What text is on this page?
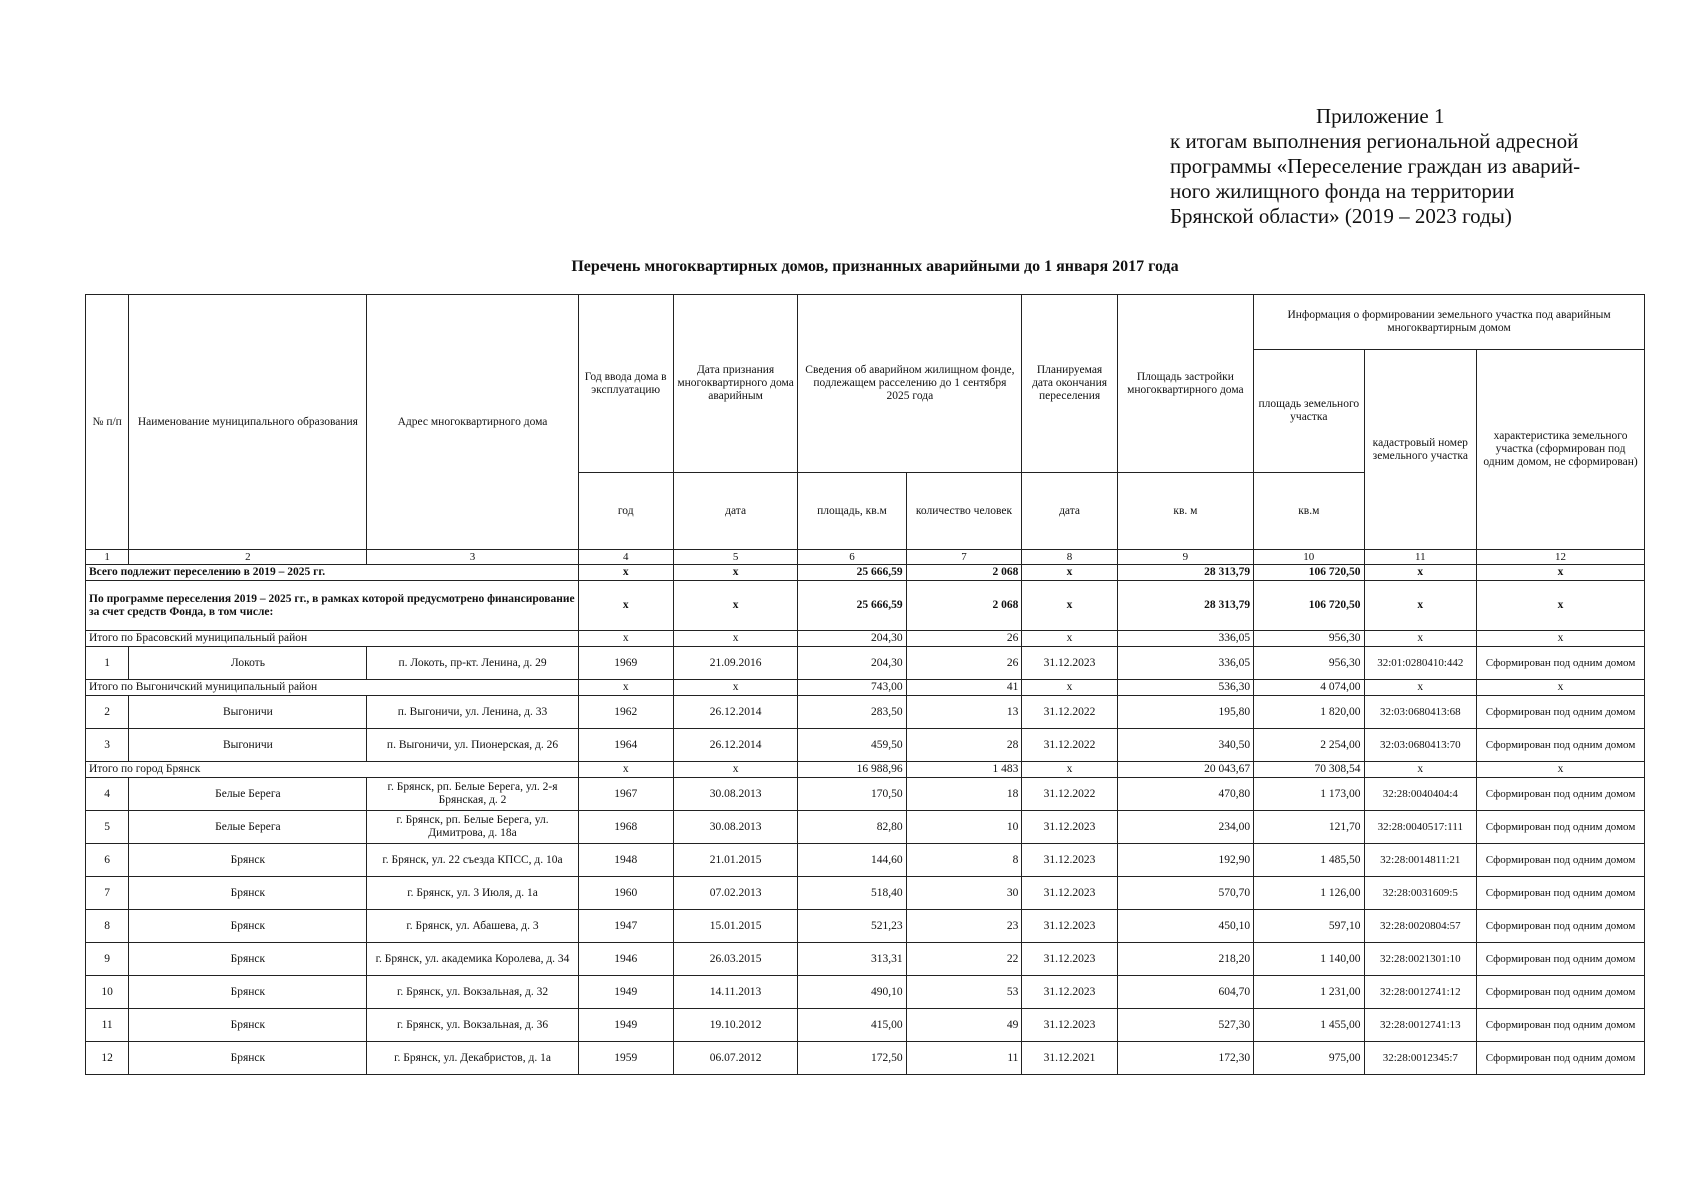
Приложение 1
к итогам выполнения региональной адресной
программы «Переселение граждан из аварий-
ного жилищного фонда на территории
Брянской области» (2019 – 2023 годы)
Перечень многоквартирных домов, признанных аварийными до 1 января 2017 года
№ п/п	Наименование муниципального образования	Адрес многоквартирного дома	Год ввода дома в эксплуатацию	Дата признания многоквартирного дома аварийным	Сведения об аварийном жилищном фонде, подлежащем расселению до 1 сентября 2025 года		Планируемая дата окончания переселения	Площадь застройки многоквартирного дома	Информация о формировании земельного участка под аварийным многоквартирным домом		
									площадь земельного участка	кадастровый номер земельного участка	характеристика земельного участка (сформирован под одним домом, не сформирован)
			год	дата	площадь, кв.м	количество человек	дата	кв. м	кв.м		
1	2	3	4	5	6	7	8	9	10	11	12
Всего подлежит переселению в 2019 – 2025 гг.			х	х	25 666,59	2 068	х	28 313,79	106 720,50	х	х
По программе переселения 2019 – 2025 гг., в рамках которой предусмотрено финансирование за счет средств Фонда, в том числе:			х	х	25 666,59	2 068	х	28 313,79	106 720,50	х	х
Итого по Брасовский муниципальный район			х	х	204,30	26	х	336,05	956,30	х	х
1	Локоть	п. Локоть, пр-кт. Ленина, д. 29	1969	21.09.2016	204,30	26	31.12.2023	336,05	956,30	32:01:0280410:442	Сформирован под одним домом
Итого по Выгоничский муниципальный район			х	х	743,00	41	х	536,30	4 074,00	х	х
2	Выгоничи	п. Выгоничи, ул. Ленина, д. 33	1962	26.12.2014	283,50	13	31.12.2022	195,80	1 820,00	32:03:0680413:68	Сформирован под одним домом
3	Выгоничи	п. Выгоничи, ул. Пионерская, д. 26	1964	26.12.2014	459,50	28	31.12.2022	340,50	2 254,00	32:03:0680413:70	Сформирован под одним домом
Итого по город Брянск			х	х	16 988,96	1 483	х	20 043,67	70 308,54	х	х
4	Белые Берега	г. Брянск, рп. Белые Берега, ул. 2-я Брянская, д. 2	1967	30.08.2013	170,50	18	31.12.2022	470,80	1 173,00	32:28:0040404:4	Сформирован под одним домом
5	Белые Берега	г. Брянск, рп. Белые Берега, ул. Димитрова, д. 18а	1968	30.08.2013	82,80	10	31.12.2023	234,00	121,70	32:28:0040517:111	Сформирован под одним домом
6	Брянск	г. Брянск, ул. 22 съезда КПСС, д. 10а	1948	21.01.2015	144,60	8	31.12.2023	192,90	1 485,50	32:28:0014811:21	Сформирован под одним домом
7	Брянск	г. Брянск, ул. 3 Июля, д. 1а	1960	07.02.2013	518,40	30	31.12.2023	570,70	1 126,00	32:28:0031609:5	Сформирован под одним домом
8	Брянск	г. Брянск, ул. Абашева, д. 3	1947	15.01.2015	521,23	23	31.12.2023	450,10	597,10	32:28:0020804:57	Сформирован под одним домом
9	Брянск	г. Брянск, ул. академика Королева, д. 34	1946	26.03.2015	313,31	22	31.12.2023	218,20	1 140,00	32:28:0021301:10	Сформирован под одним домом
10	Брянск	г. Брянск, ул. Вокзальная, д. 32	1949	14.11.2013	490,10	53	31.12.2023	604,70	1 231,00	32:28:0012741:12	Сформирован под одним домом
11	Брянск	г. Брянск, ул. Вокзальная, д. 36	1949	19.10.2012	415,00	49	31.12.2023	527,30	1 455,00	32:28:0012741:13	Сформирован под одним домом
12	Брянск	г. Брянск, ул. Декабристов, д. 1а	1959	06.07.2012	172,50	11	31.12.2021	172,30	975,00	32:28:0012345:7	Сформирован под одним домом
